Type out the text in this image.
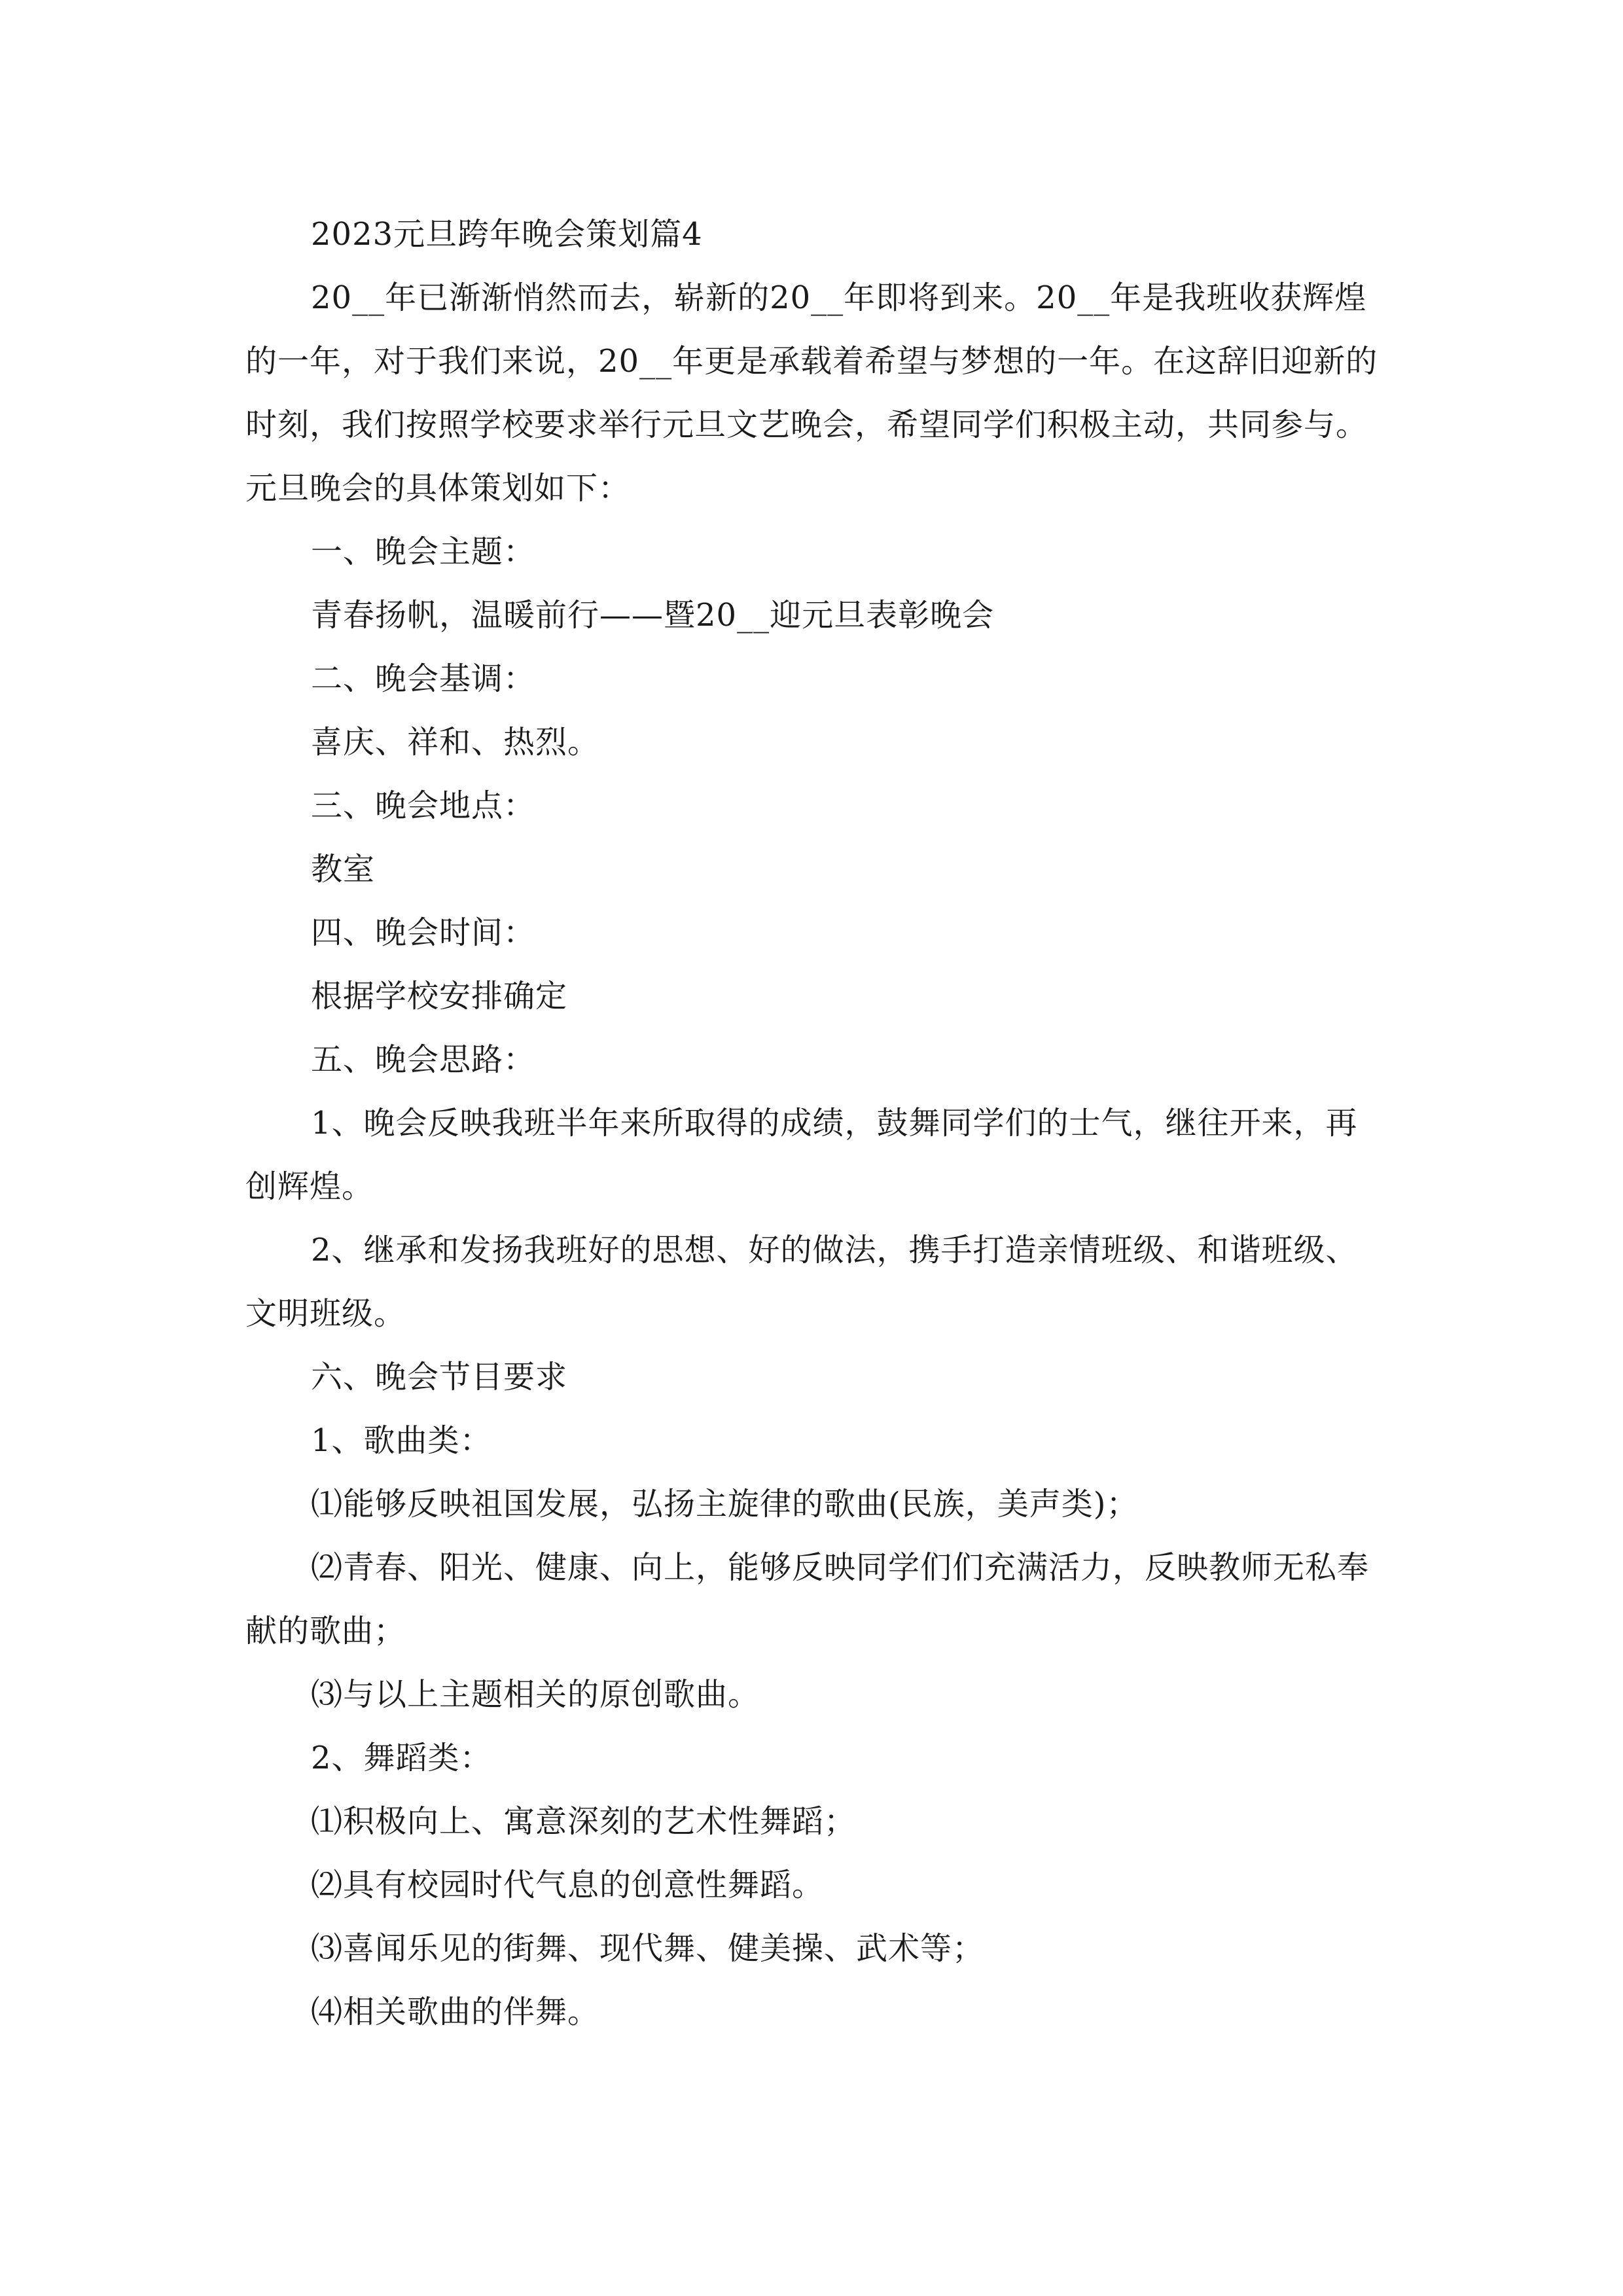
2023元旦跨年晚会策划篇4

20__年已渐渐悄然而去，崭新的20__年即将到来。20__年是我班收获辉煌的一年，对于我们来说，20__年更是承载着希望与梦想的一年。在这辞旧迎新的时刻，我们按照学校要求举行元旦文艺晚会，希望同学们积极主动，共同参与。元旦晚会的具体策划如下：

一、晚会主题：

青春扬帆，温暖前行——暨20__迎元旦表彰晚会

二、晚会基调：

喜庆、祥和、热烈。

三、晚会地点：

教室

四、晚会时间：

根据学校安排确定

五、晚会思路：

1、晚会反映我班半年来所取得的成绩，鼓舞同学们的士气，继往开来，再创辉煌。

2、继承和发扬我班好的思想、好的做法，携手打造亲情班级、和谐班级、文明班级。

六、晚会节目要求

1、歌曲类：

⑴能够反映祖国发展，弘扬主旋律的歌曲(民族，美声类)；

⑵青春、阳光、健康、向上，能够反映同学们们充满活力，反映教师无私奉献的歌曲；

⑶与以上主题相关的原创歌曲。

2、舞蹈类：

⑴积极向上、寓意深刻的艺术性舞蹈；

⑵具有校园时代气息的创意性舞蹈。

⑶喜闻乐见的街舞、现代舞、健美操、武术等；

⑷相关歌曲的伴舞。
